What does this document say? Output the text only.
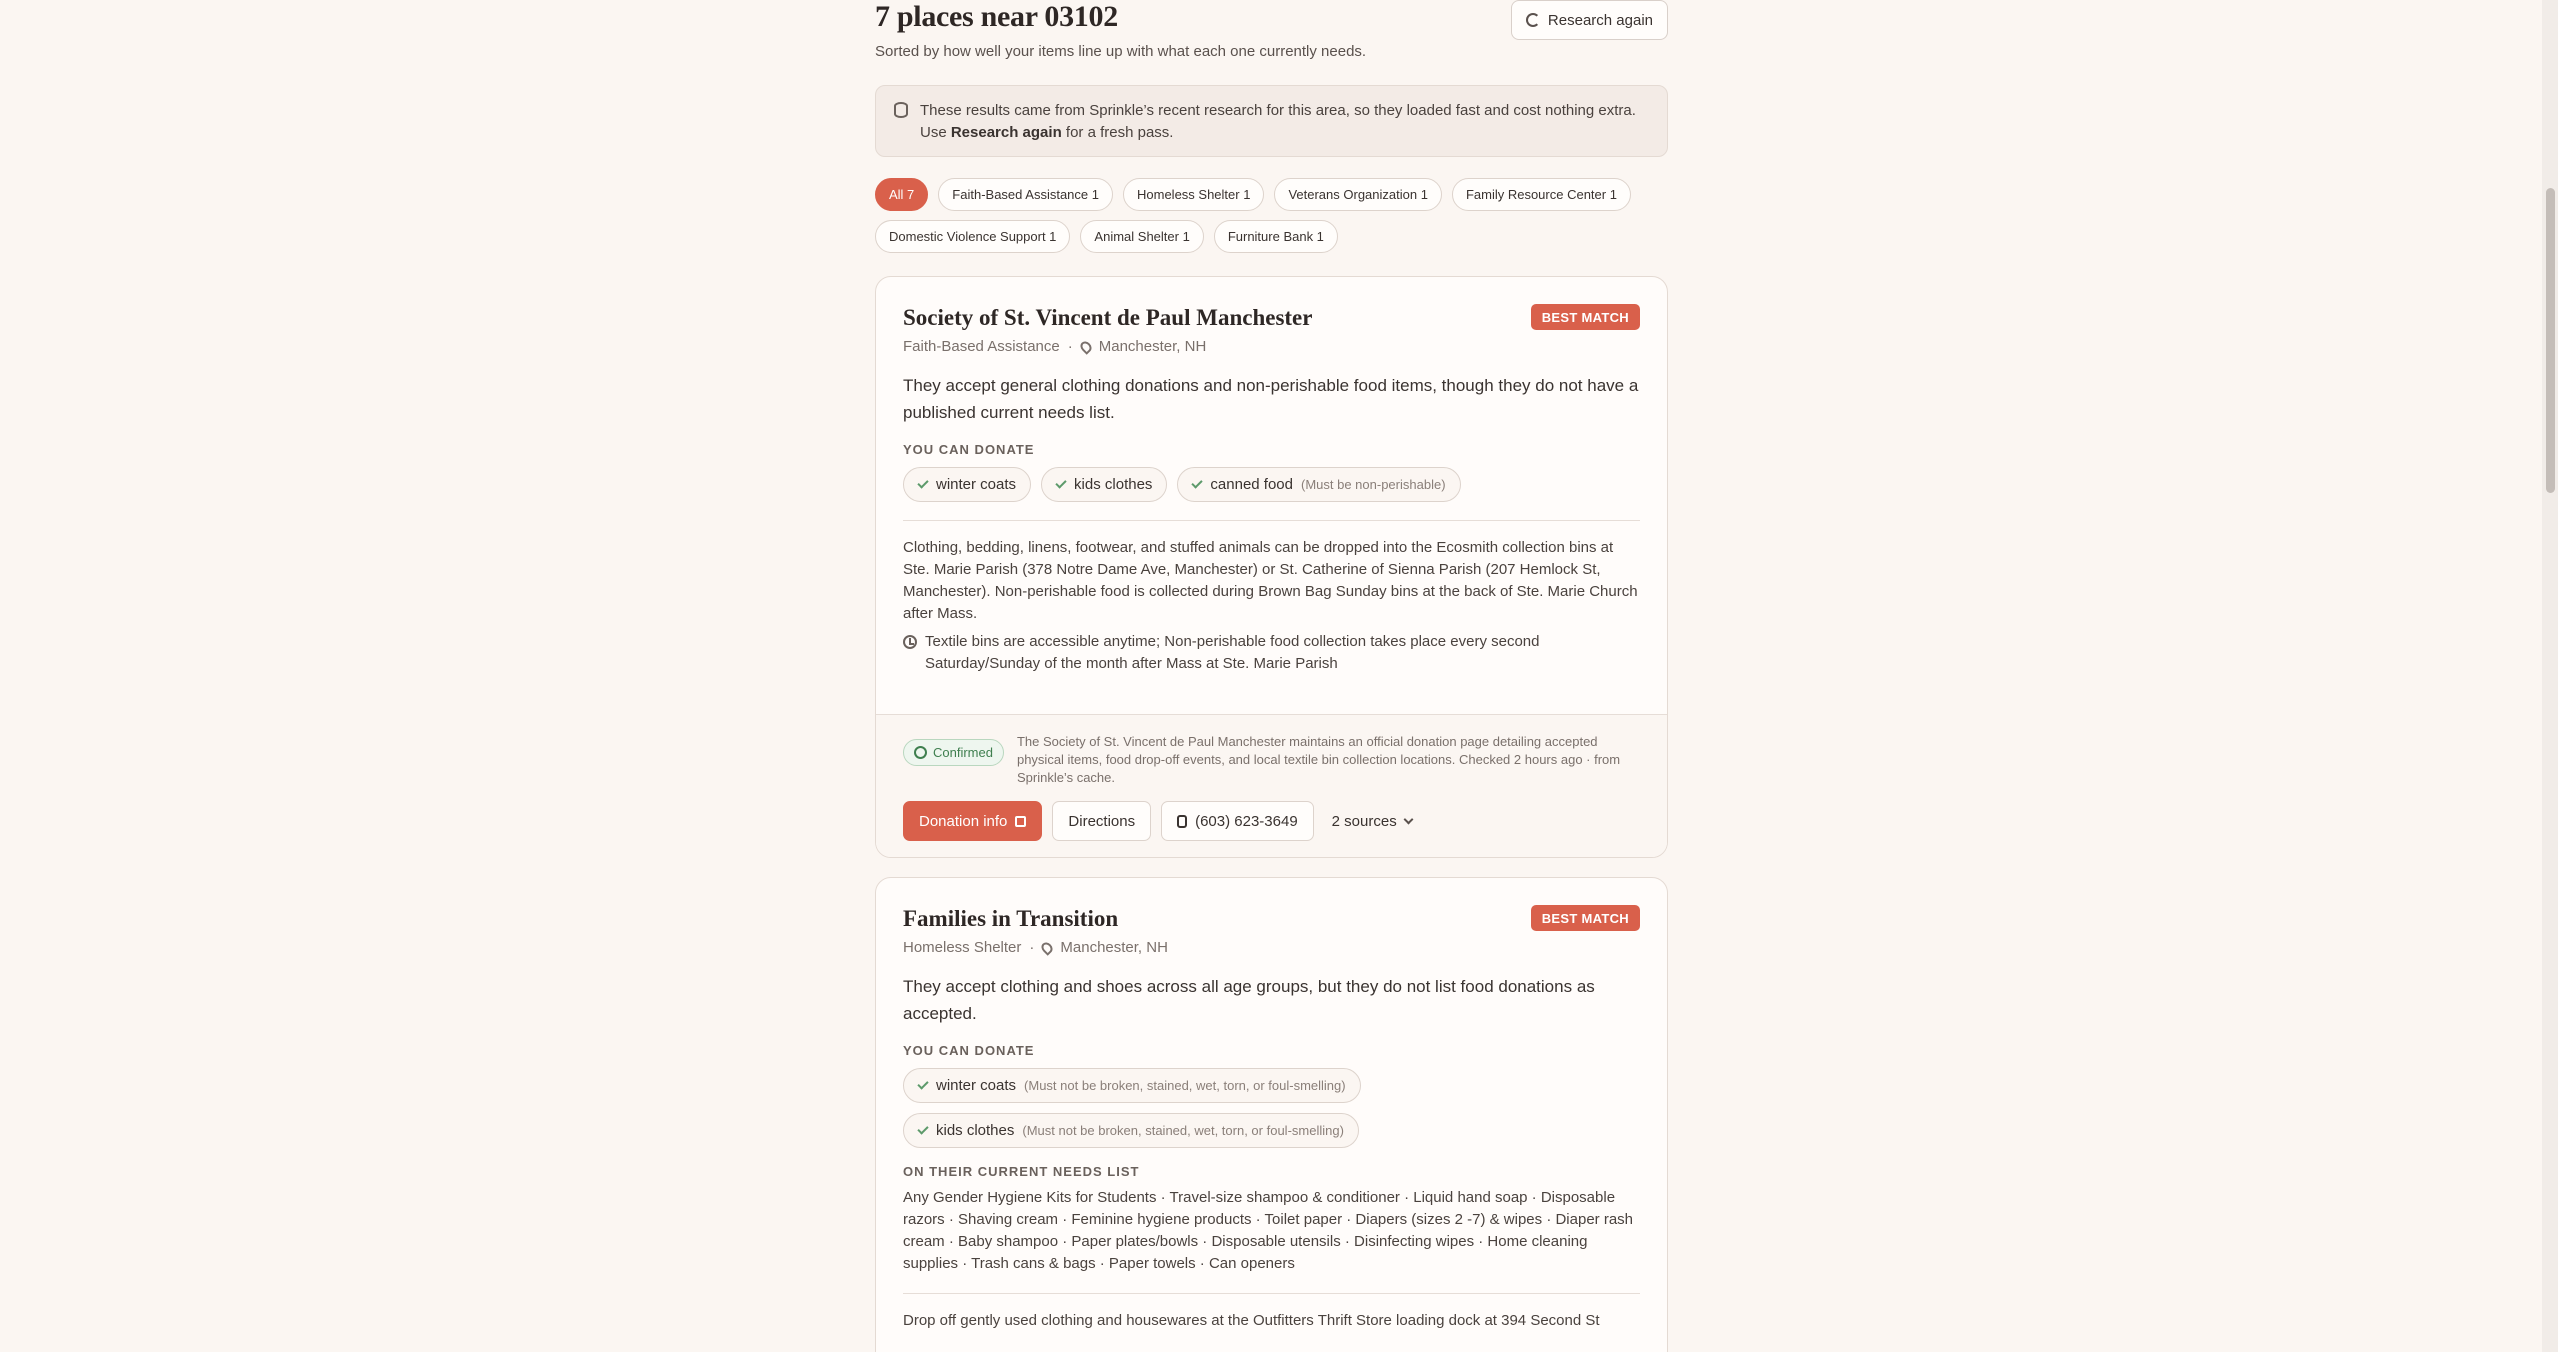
7 places near 03102
Sorted by how well your items line up with what each one currently needs.
Research again
These results came from Sprinkle’s recent research for this area, so they loaded fast and cost nothing extra. Use Research again for a fresh pass.
All 7	Faith-Based Assistance 1	Homeless Shelter 1	Veterans Organization 1	Family Resource Center 1
Domestic Violence Support 1	Animal Shelter 1	Furniture Bank 1
Society of St. Vincent de Paul Manchester	BEST MATCH
Faith-Based Assistance · Manchester, NH
They accept general clothing donations and non-perishable food items, though they do not have a published current needs list.
YOU CAN DONATE
winter coats	kids clothes	canned food (Must be non-perishable)
Clothing, bedding, linens, footwear, and stuffed animals can be dropped into the Ecosmith collection bins at Ste. Marie Parish (378 Notre Dame Ave, Manchester) or St. Catherine of Sienna Parish (207 Hemlock St, Manchester). Non-perishable food is collected during Brown Bag Sunday bins at the back of Ste. Marie Church after Mass.
Textile bins are accessible anytime; Non-perishable food collection takes place every second Saturday/Sunday of the month after Mass at Ste. Marie Parish
Confirmed
The Society of St. Vincent de Paul Manchester maintains an official donation page detailing accepted physical items, food drop-off events, and local textile bin collection locations. Checked 2 hours ago · from Sprinkle’s cache.
Donation info	Directions	(603) 623-3649 2 sources
Families in Transition	BEST MATCH
Homeless Shelter · Manchester, NH
They accept clothing and shoes across all age groups, but they do not list food donations as accepted.
YOU CAN DONATE
winter coats (Must not be broken, stained, wet, torn, or foul-smelling)
kids clothes (Must not be broken, stained, wet, torn, or foul-smelling)
ON THEIR CURRENT NEEDS LIST
Any Gender Hygiene Kits for Students · Travel-size shampoo & conditioner · Liquid hand soap · Disposable razors · Shaving cream · Feminine hygiene products · Toilet paper · Diapers (sizes 2 -7) & wipes · Diaper rash cream · Baby shampoo · Paper plates/bowls · Disposable utensils · Disinfecting wipes · Home cleaning supplies · Trash cans & bags · Paper towels · Can openers
Drop off gently used clothing and housewares at the Outfitters Thrift Store loading dock at 394 Second St
